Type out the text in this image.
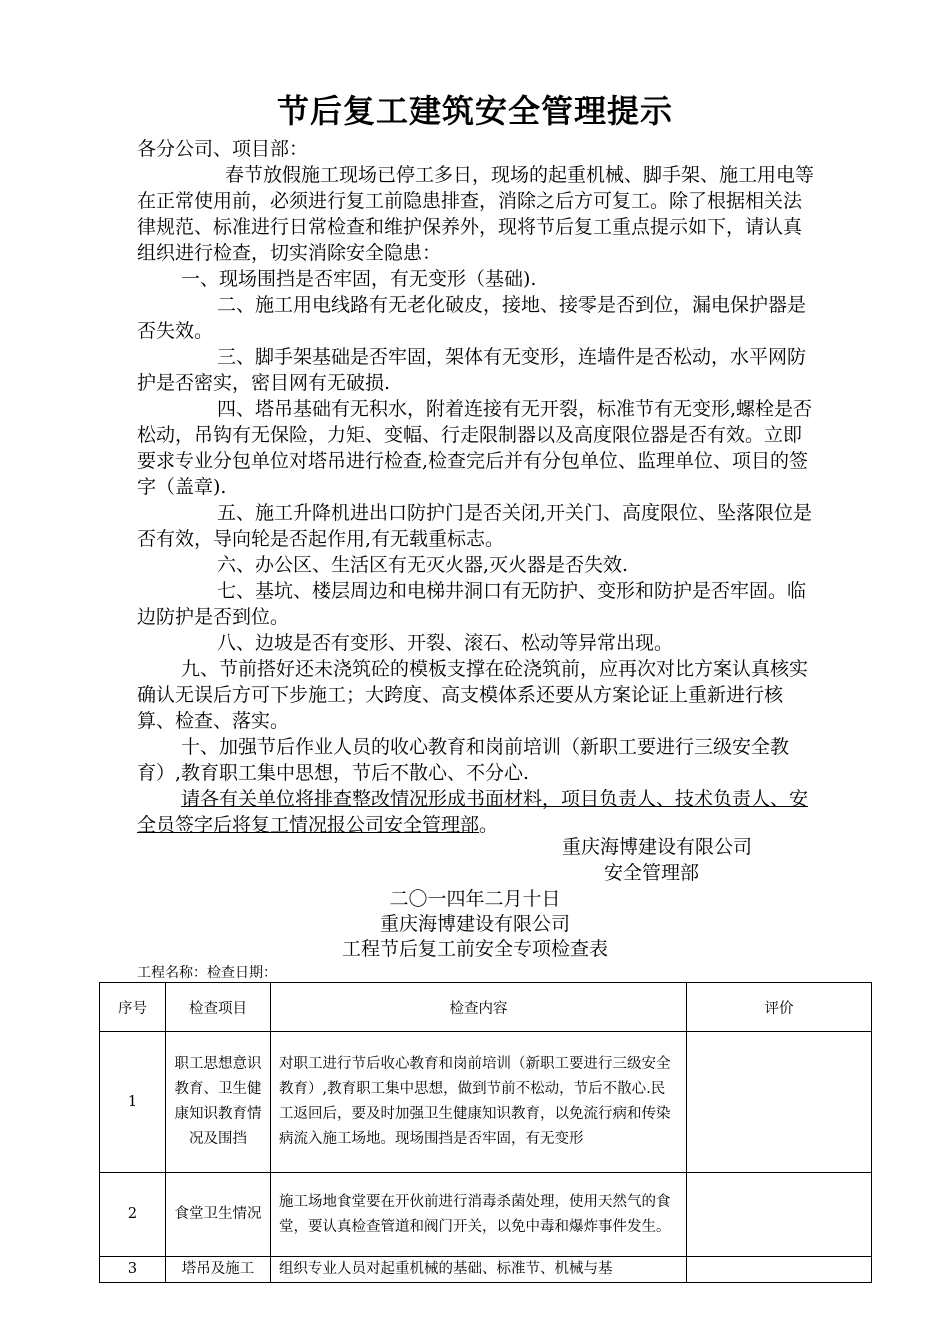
节后复工建筑安全管理提示

各分公司、项目部：

春节放假施工现场已停工多日，现场的起重机械、脚手架、施工用电等在正常使用前，必须进行复工前隐患排查，消除之后方可复工。除了根据相关法律规范、标准进行日常检查和维护保养外，现将节后复工重点提示如下，请认真组织进行检查，切实消除安全隐患：

一、现场围挡是否牢固，有无变形（基础).

二、施工用电线路有无老化破皮，接地、接零是否到位，漏电保护器是否失效。

三、脚手架基础是否牢固，架体有无变形，连墙件是否松动，水平网防护是否密实，密目网有无破损.

四、塔吊基础有无积水，附着连接有无开裂，标准节有无变形,螺栓是否松动，吊钩有无保险，力矩、变幅、行走限制器以及高度限位器是否有效。立即要求专业分包单位对塔吊进行检查,检查完后并有分包单位、监理单位、项目的签字（盖章).

五、施工升降机进出口防护门是否关闭,开关门、高度限位、坠落限位是否有效，导向轮是否起作用,有无载重标志。

六、办公区、生活区有无灭火器,灭火器是否失效.

七、基坑、楼层周边和电梯井洞口有无防护、变形和防护是否牢固。临边防护是否到位。

八、边坡是否有变形、开裂、滚石、松动等异常出现。

九、节前搭好还未浇筑砼的模板支撑在砼浇筑前，应再次对比方案认真核实确认无误后方可下步施工；大跨度、高支模体系还要从方案论证上重新进行核算、检查、落实。

十、加强节后作业人员的收心教育和岗前培训（新职工要进行三级安全教育）,教育职工集中思想，节后不散心、不分心.

请各有关单位将排查整改情况形成书面材料，项目负责人、技术负责人、安全员签字后将复工情况报公司安全管理部。

重庆海博建设有限公司
安全管理部
二〇一四年二月十日
重庆海博建设有限公司
工程节后复工前安全专项检查表
工程名称：检查日期：
序号	检查项目	检查内容	评价
1	职工思想意识教育、卫生健康知识教育情况及围挡	对职工进行节后收心教育和岗前培训（新职工要进行三级安全教育）,教育职工集中思想，做到节前不松动，节后不散心.民工返回后，要及时加强卫生健康知识教育，以免流行病和传染病流入施工场地。现场围挡是否牢固，有无变形	
2	食堂卫生情况	施工场地食堂要在开伙前进行消毒杀菌处理，使用天然气的食堂，要认真检查管道和阀门开关，以免中毒和爆炸事件发生。	
3	塔吊及施工	组织专业人员对起重机械的基础、标准节、机械与基	
